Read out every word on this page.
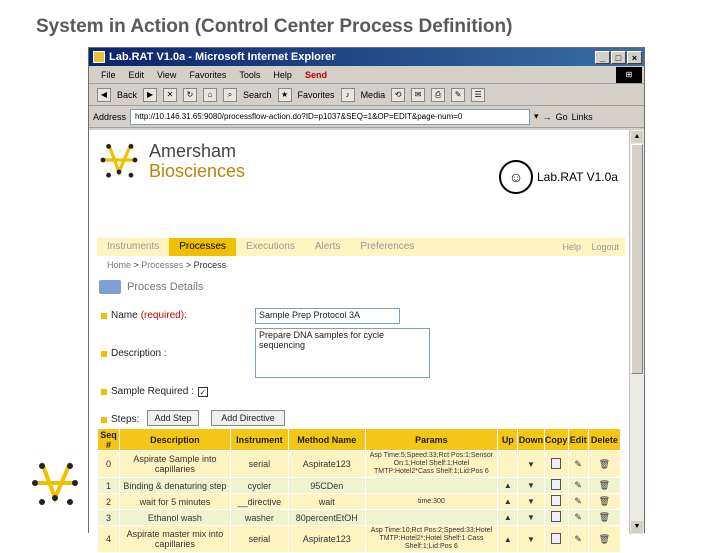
System in Action (Control Center Process Definition)
Lab.RAT V1.0a - Microsoft Internet Explorer	_	□	×
File Edit View Favorites Tools Help Send	⊞
◀	Back	▶	✕	↻	⌂	⌕	Search	★	Favorites	♪	Media	⟲	✉	⎙	✎	☰
Address	http://10.146.31.65:9080/processflow-action.do?ID=p1037&SEQ=1&OP=EDIT&page-num=0	▾ → Go Links
Amersham
Biosciences	☺	Lab.RAT V1.0a
Instruments	Processes	Executions	Alerts	Preferences	Help Logout
Home > Processes > Process
Process Details
Name (required):	Sample Prep Protocol 3A
Description :
Prepare DNA samples for cycle sequencing
Sample Required : ✓
Steps:	Add Step	Add Directive
Seq #	Description	Instrument	Method Name	Params	Up	Down	Copy	Edit	Delete
0	Aspirate Sample into capillaries	serial	Aspirate123	Asp Time:5;Speed:33;Rct Pos:1;Sensor On:1;Hotel Shelf:1;Hotel TMTP:Hotel2*Cass Shelf:1;Lid:Pos 6		▼		✎	🗑
1	Binding & denaturing step	cycler	95CDen		▲	▼		✎	🗑
2	wait for 5 minutes	__directive	wait	time:300	▲	▼		✎	🗑
3	Ethanol wash	washer	80percentEtOH		▲	▼		✎	🗑
4	Aspirate master mix into capillaries	serial	Aspirate123	Asp Time:10;Rct Pos:2;Speed:33;Hotel TMTP:Hotel2*;Hotel Shelf:1 Cass Shelf:1;Lid:Pos 6	▲	▼		✎	🗑
▲
▼
